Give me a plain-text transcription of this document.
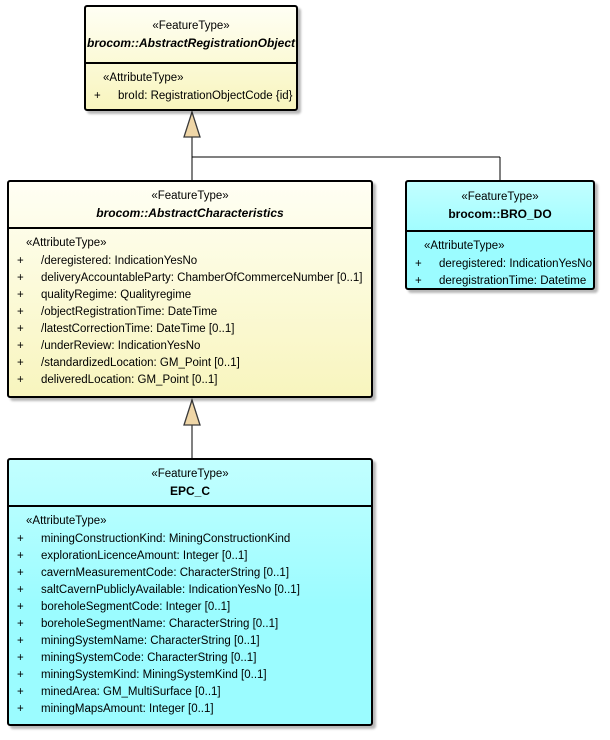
«FeatureType»
brocom::AbstractRegistrationObject
«AttributeType»
+	broId: RegistrationObjectCode {id}
«FeatureType»
brocom::AbstractCharacteristics
«AttributeType»
+	/deregistered: IndicationYesNo
+	deliveryAccountableParty: ChamberOfCommerceNumber [0..1]
+	qualityRegime: Qualityregime
+	/objectRegistrationTime: DateTime
+	/latestCorrectionTime: DateTime [0..1]
+	/underReview: IndicationYesNo
+	/standardizedLocation: GM_Point [0..1]
+	deliveredLocation: GM_Point [0..1]
«FeatureType»
brocom::BRO_DO
«AttributeType»
+	deregistered: IndicationYesNo
+	deregistrationTime: Datetime
«FeatureType»
EPC_C
«AttributeType»
+	miningConstructionKind: MiningConstructionKind
+	explorationLicenceAmount: Integer [0..1]
+	cavernMeasurementCode: CharacterString [0..1]
+	saltCavernPubliclyAvailable: IndicationYesNo [0..1]
+	boreholeSegmentCode: Integer [0..1]
+	boreholeSegmentName: CharacterString [0..1]
+	miningSystemName: CharacterString [0..1]
+	miningSystemCode: CharacterString [0..1]
+	miningSystemKind: MiningSystemKind [0..1]
+	minedArea: GM_MultiSurface [0..1]
+	miningMapsAmount: Integer [0..1]
